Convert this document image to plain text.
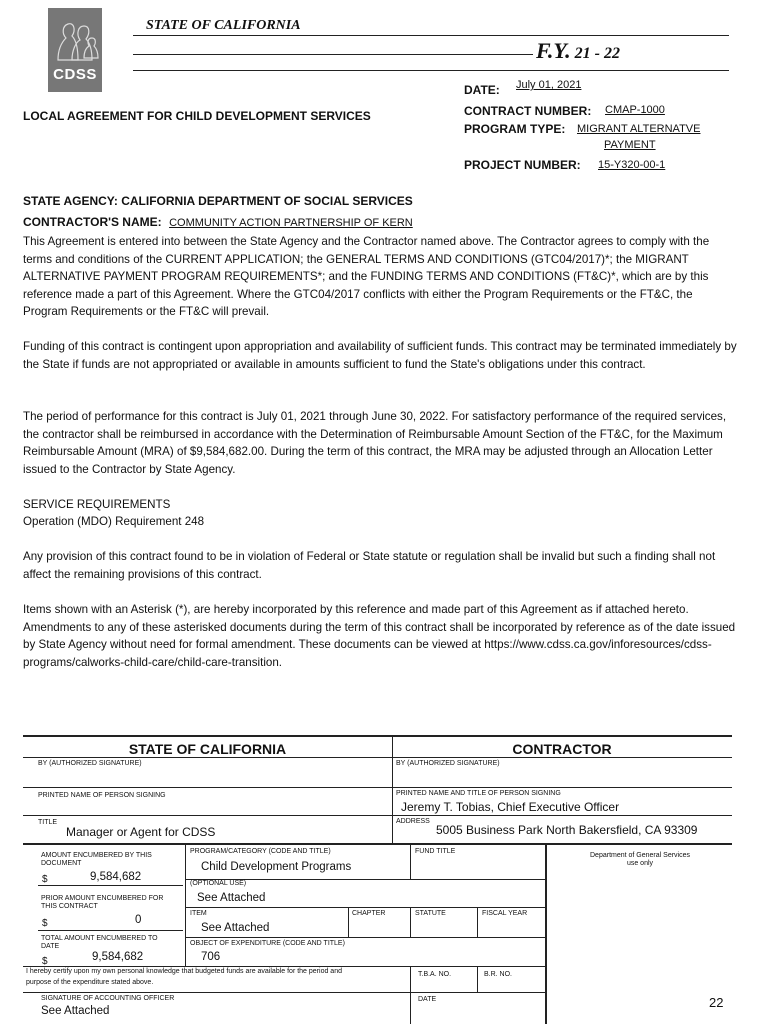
CDSS
STATE OF CALIFORNIA
F.Y. 21 - 22
DATE: July 01, 2021
LOCAL AGREEMENT FOR CHILD DEVELOPMENT SERVICES	CONTRACT NUMBER: CMAP-1000
PROGRAM TYPE: MIGRANT ALTERNATVE
PAYMENT
PROJECT NUMBER: 15-Y320-00-1
STATE AGENCY: CALIFORNIA DEPARTMENT OF SOCIAL SERVICES
CONTRACTOR'S NAME: COMMUNITY ACTION PARTNERSHIP OF KERN
This Agreement is entered into between the State Agency and the Contractor named above. The Contractor agrees to comply with the terms and conditions of the CURRENT APPLICATION; the GENERAL TERMS AND CONDITIONS (GTC04/2017)*; the MIGRANT ALTERNATIVE PAYMENT PROGRAM REQUIREMENTS*; and the FUNDING TERMS AND CONDITIONS (FT&C)*, which are by this reference made a part of this Agreement. Where the GTC04/2017 conflicts with either the Program Requirements or the FT&C, the Program Requirements or the FT&C will prevail.
Funding of this contract is contingent upon appropriation and availability of sufficient funds. This contract may be terminated immediately by the State if funds are not appropriated or available in amounts sufficient to fund the State's obligations under this contract.
The period of performance for this contract is July 01, 2021 through June 30, 2022. For satisfactory performance of the required services, the contractor shall be reimbursed in accordance with the Determination of Reimbursable Amount Section of the FT&C, for the Maximum Reimbursable Amount (MRA) of $9,584,682.00. During the term of this contract, the MRA may be adjusted through an Allocation Letter issued to the Contractor by State Agency.
SERVICE REQUIREMENTS
Operation (MDO) Requirement 248
Any provision of this contract found to be in violation of Federal or State statute or regulation shall be invalid but such a finding shall not affect the remaining provisions of this contract.
Items shown with an Asterisk (*), are hereby incorporated by this reference and made part of this Agreement as if attached hereto. Amendments to any of these asterisked documents during the term of this contract shall be incorporated by reference as of the date issued by State Agency without need for formal amendment. These documents can be viewed at https://www.cdss.ca.gov/inforesources/cdss-programs/calworks-child-care/child-care-transition.
STATE OF CALIFORNIA	CONTRACTOR
BY (AUTHORIZED SIGNATURE)	BY (AUTHORIZED SIGNATURE)
PRINTED NAME OF PERSON SIGNING	PRINTED NAME AND TITLE OF PERSON SIGNING
Jeremy T. Tobias, Chief Executive Officer
TITLE
Manager or Agent for CDSS
ADDRESS
5005 Business Park North Bakersfield, CA 93309
AMOUNT ENCUMBERED BY THIS
DOCUMENT
$	9,584,682
PRIOR AMOUNT ENCUMBERED FOR
THIS CONTRACT
$	0
TOTAL AMOUNT ENCUMBERED TO
DATE
$	9,584,682
PROGRAM/CATEGORY (CODE AND TITLE)
Child Development Programs
FUND TITLE
(OPTIONAL USE)
See Attached
ITEM
See Attached
CHAPTER	STATUTE	FISCAL YEAR
OBJECT OF EXPENDITURE (CODE AND TITLE)
706
I hereby certify upon my own personal knowledge that budgeted funds are available for the period and
purpose of the expenditure stated above.
T.B.A. NO.	B.R. NO.
SIGNATURE OF ACCOUNTING OFFICER
See Attached
DATE
Department of General Services
use only
22
